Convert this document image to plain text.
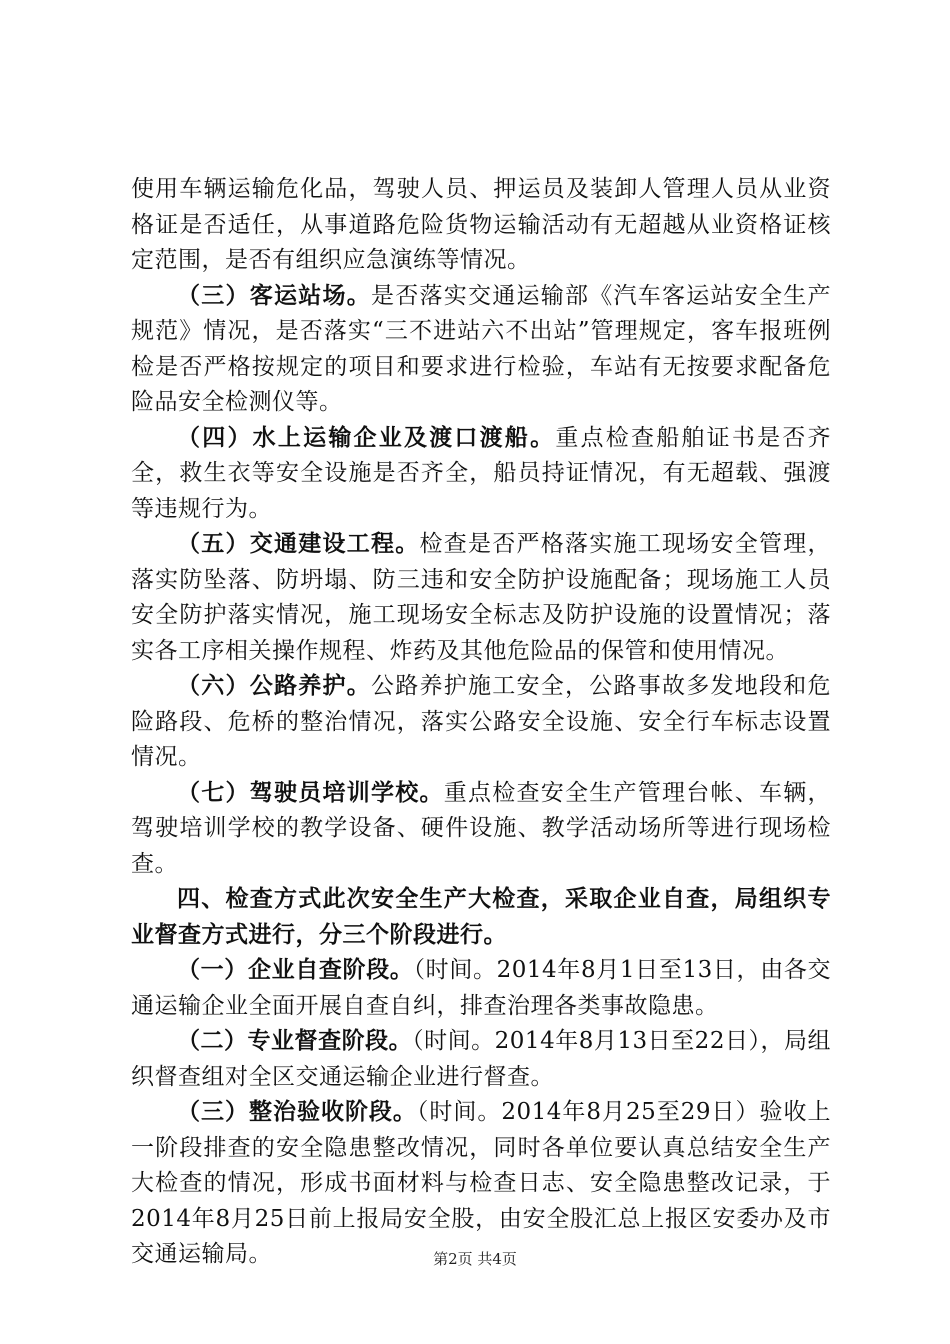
使用车辆运输危化品，驾驶人员、押运员及装卸人管理人员从业资格证是否适任，从事道路危险货物运输活动有无超越从业资格证核定范围，是否有组织应急演练等情况。

（三）客运站场。是否落实交通运输部《汽车客运站安全生产规范》情况，是否落实“三不进站六不出站”管理规定，客车报班例检是否严格按规定的项目和要求进行检验，车站有无按要求配备危险品安全检测仪等。

（四）水上运输企业及渡口渡船。重点检查船舶证书是否齐全，救生衣等安全设施是否齐全，船员持证情况，有无超载、强渡等违规行为。

（五）交通建设工程。检查是否严格落实施工现场安全管理，落实防坠落、防坍塌、防三违和安全防护设施配备；现场施工人员安全防护落实情况，施工现场安全标志及防护设施的设置情况；落实各工序相关操作规程、炸药及其他危险品的保管和使用情况。

（六）公路养护。公路养护施工安全，公路事故多发地段和危险路段、危桥的整治情况，落实公路安全设施、安全行车标志设置情况。

（七）驾驶员培训学校。重点检查安全生产管理台帐、车辆，驾驶培训学校的教学设备、硬件设施、教学活动场所等进行现场检查。

四、检查方式此次安全生产大检查，采取企业自查，局组织专业督查方式进行，分三个阶段进行。

（一）企业自查阶段。（时间。2014年8月1日至13日，由各交通运输企业全面开展自查自纠，排查治理各类事故隐患。

（二）专业督查阶段。（时间。2014年8月13日至22日），局组织督查组对全区交通运输企业进行督查。

（三）整治验收阶段。（时间。2014年8月25至29日）验收上一阶段排查的安全隐患整改情况，同时各单位要认真总结安全生产大检查的情况，形成书面材料与检查日志、安全隐患整改记录，于2014年8月25日前上报局安全股，由安全股汇总上报区安委办及市交通运输局。	第2页 共4页
